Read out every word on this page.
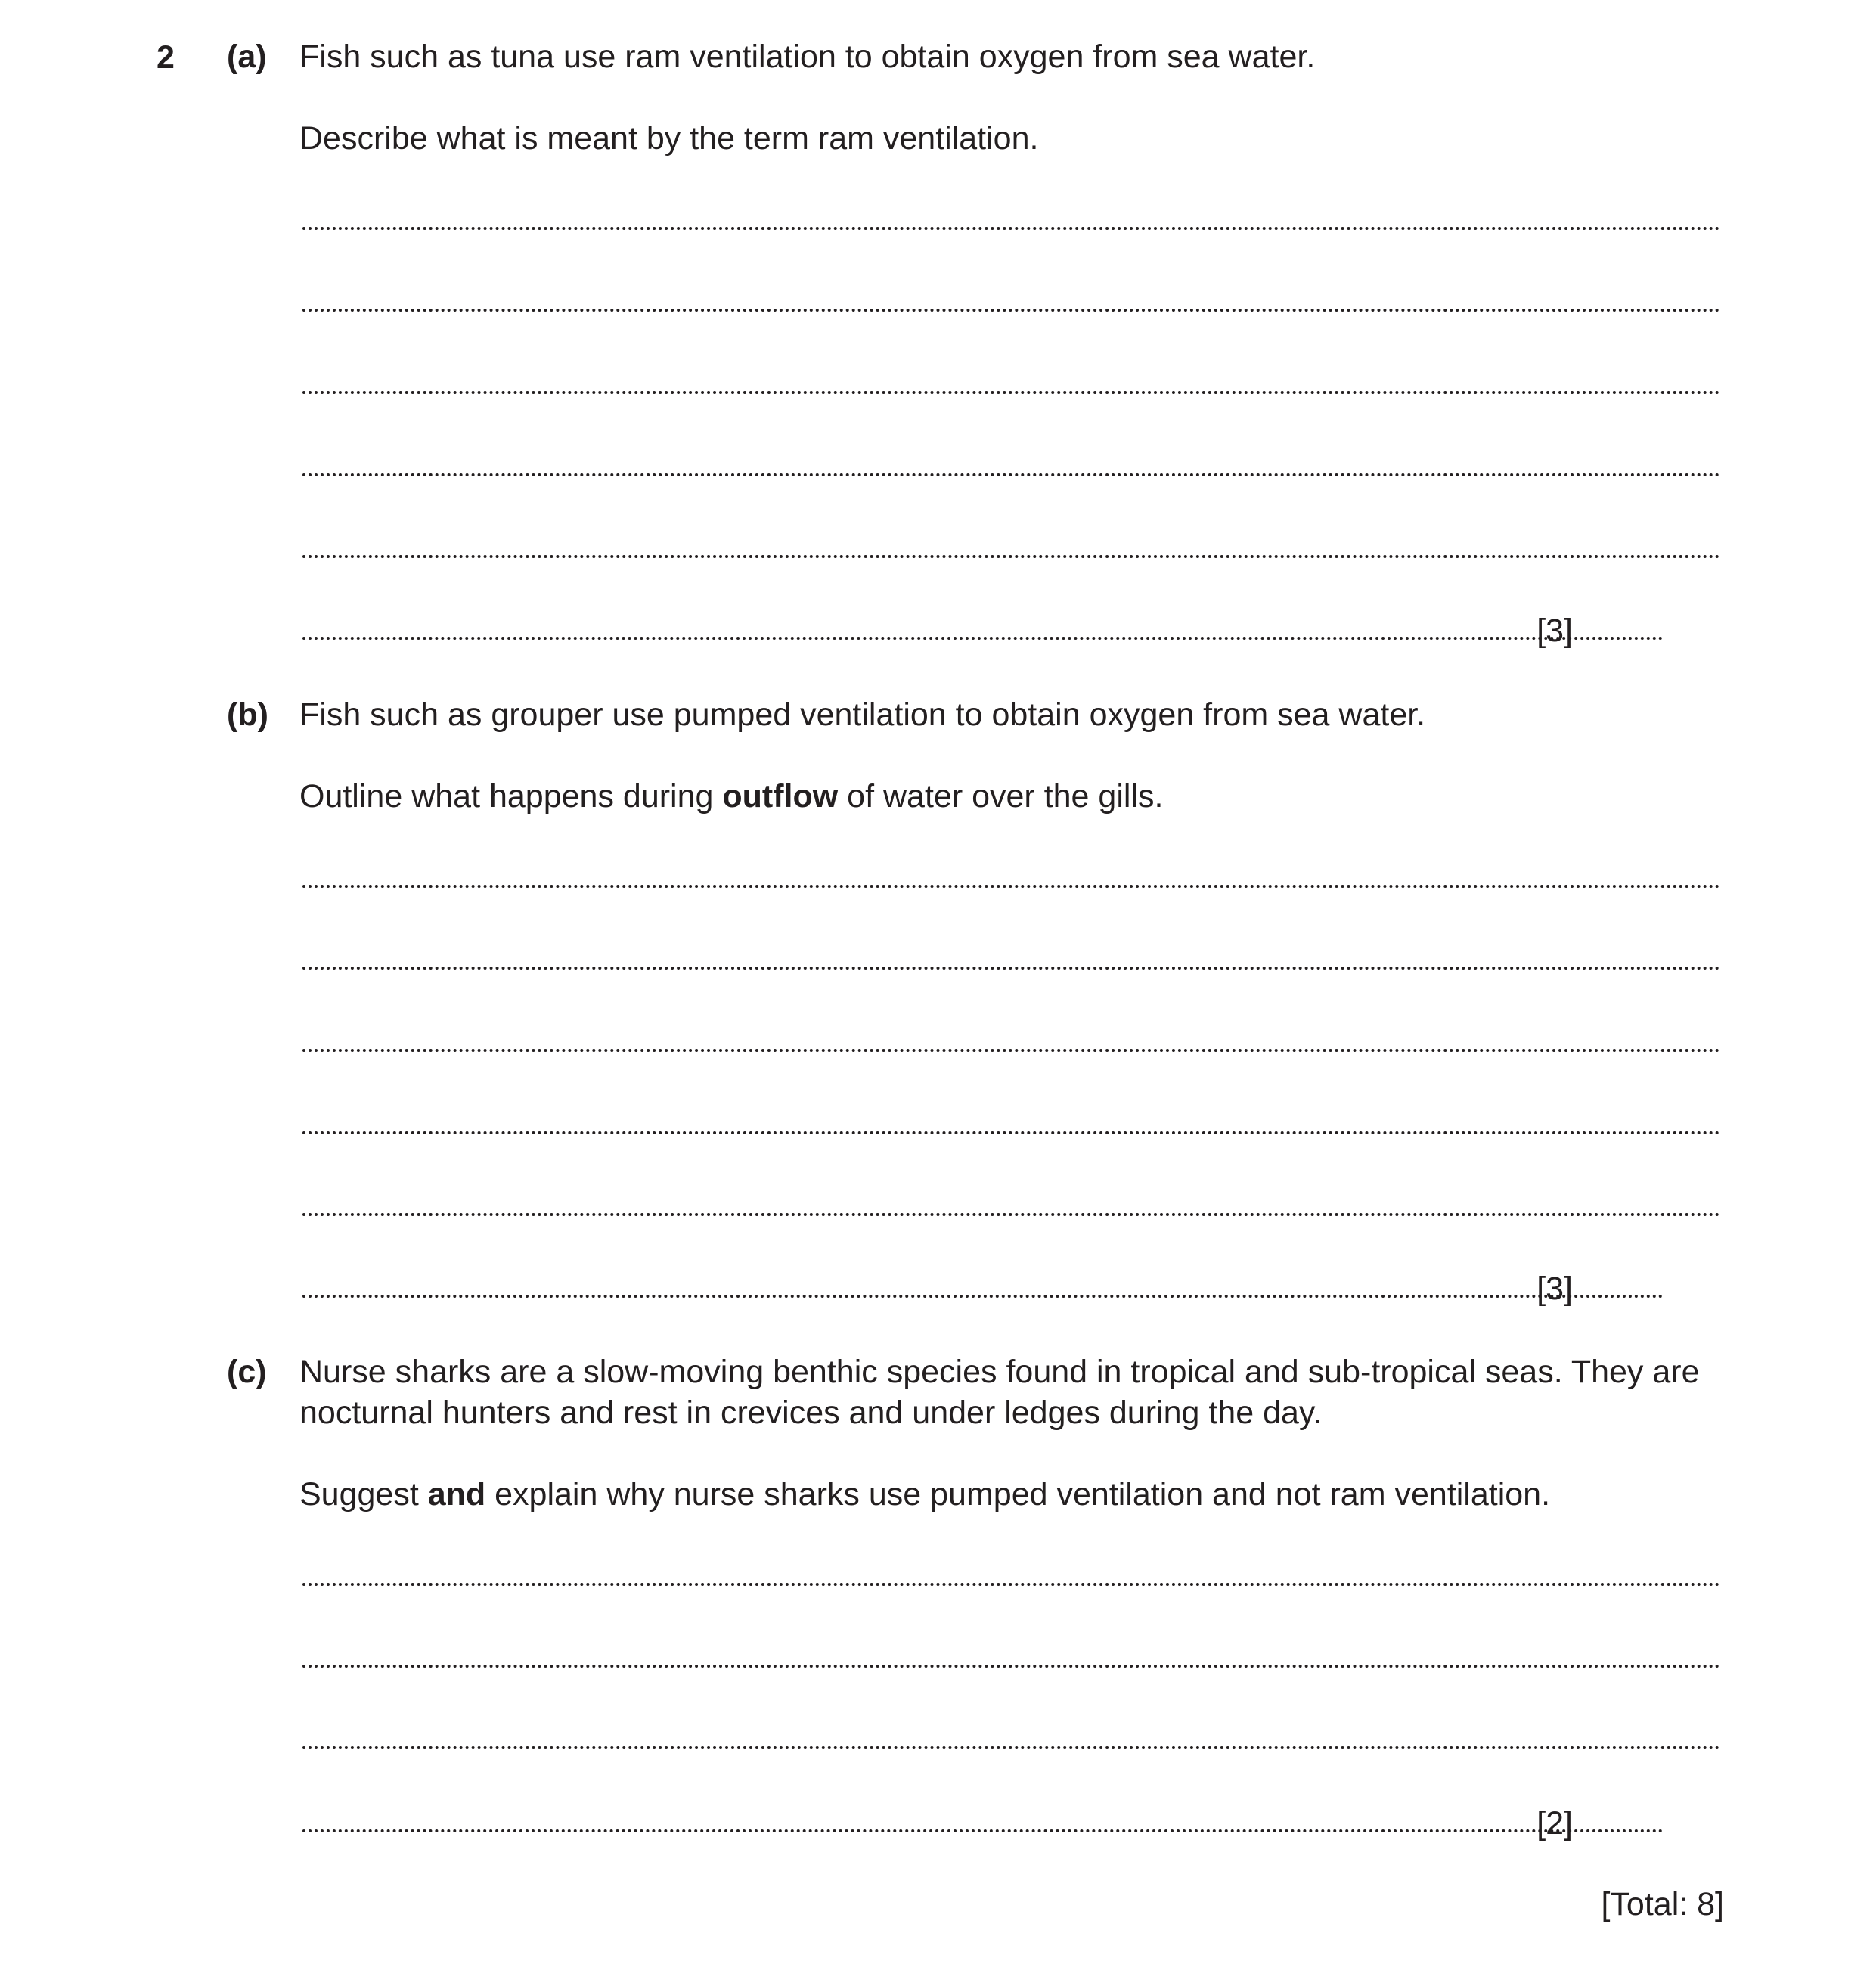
2 (a) Fish such as tuna use ram ventilation to obtain oxygen from sea water.
Describe what is meant by the term ram ventilation.
[3]
(b) Fish such as grouper use pumped ventilation to obtain oxygen from sea water.
Outline what happens during outflow of water over the gills.
[3]
(c) Nurse sharks are a slow-moving benthic species found in tropical and sub-tropical seas. They are nocturnal hunters and rest in crevices and under ledges during the day.
Suggest and explain why nurse sharks use pumped ventilation and not ram ventilation.
[2]
[Total: 8]
